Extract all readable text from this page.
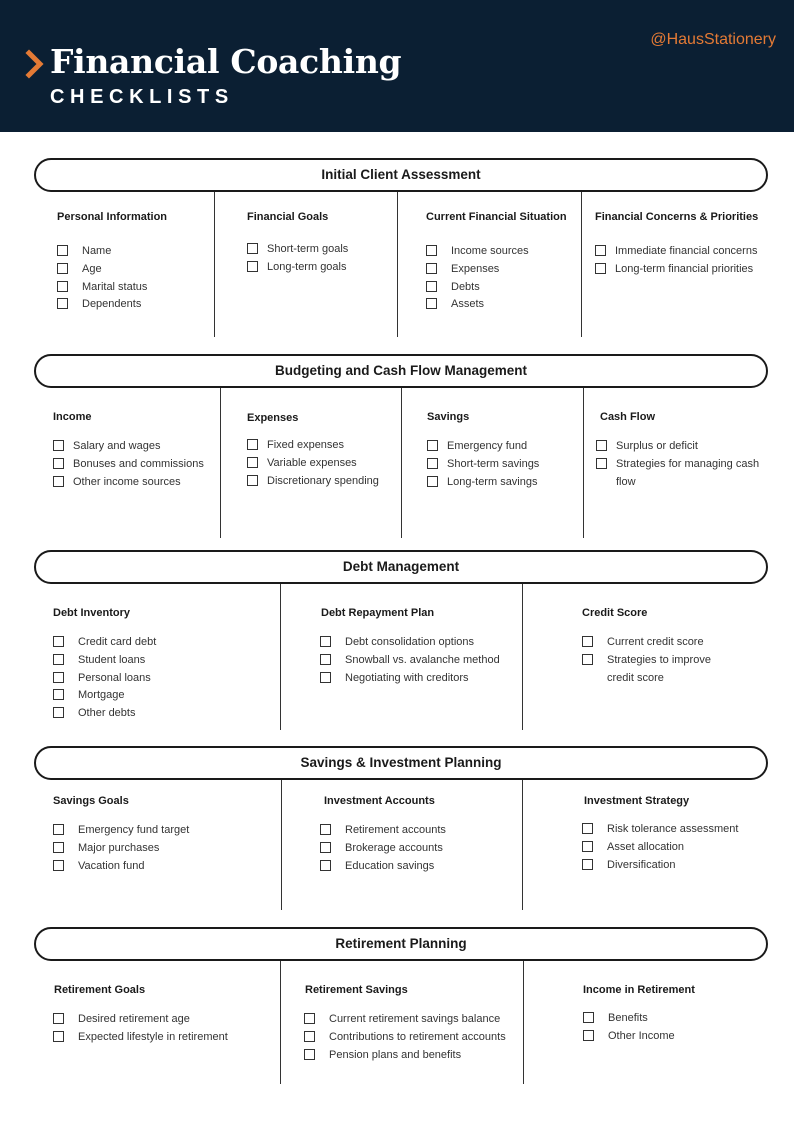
Financial Coaching
CHECKLISTS
@HausStationery
Initial Client Assessment
Personal Information
Name
Age
Marital status
Dependents
Financial Goals
Short-term goals
Long-term goals
Current Financial Situation
Income sources
Expenses
Debts
Assets
Financial Concerns & Priorities
Immediate financial concerns
Long-term financial priorities
Budgeting and Cash Flow Management
Income
Salary and wages
Bonuses and commissions
Other income sources
Expenses
Fixed expenses
Variable expenses
Discretionary spending
Savings
Emergency fund
Short-term savings
Long-term savings
Cash Flow
Surplus or deficit
Strategies for managing cash flow
Debt Management
Debt Inventory
Credit card debt
Student loans
Personal loans
Mortgage
Other debts
Debt Repayment Plan
Debt consolidation options
Snowball vs. avalanche method
Negotiating with creditors
Credit Score
Current credit score
Strategies to improve credit score
Savings & Investment Planning
Savings Goals
Emergency fund target
Major purchases
Vacation fund
Investment Accounts
Retirement accounts
Brokerage accounts
Education savings
Investment Strategy
Risk tolerance assessment
Asset allocation
Diversification
Retirement Planning
Retirement Goals
Desired retirement age
Expected lifestyle in retirement
Retirement Savings
Current retirement savings balance
Contributions to retirement accounts
Pension plans and benefits
Income in Retirement
Benefits
Other Income
